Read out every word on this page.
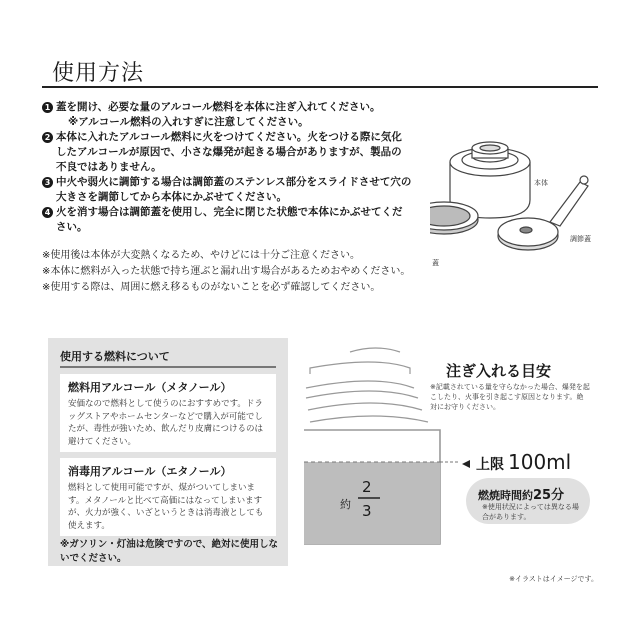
使用方法
1 蓋を開け、必要な量のアルコール燃料を本体に注ぎ入れてください。
※アルコール燃料の入れすぎに注意してください。
2 本体に入れたアルコール燃料に火をつけてください。火をつける際に気化したアルコールが原因で、小さな爆発が起きる場合がありますが、製品の不良ではありません。
3 中火や弱火に調節する場合は調節蓋のステンレス部分をスライドさせて穴の大きさを調節してから本体にかぶせてください。
4 火を消す場合は調節蓋を使用し、完全に閉じた状態で本体にかぶせてください。
※使用後は本体が大変熱くなるため、やけどには十分ご注意ください。
※本体に燃料が入った状態で持ち運ぶと漏れ出す場合があるためおやめください。
※使用する際は、周囲に燃え移るものがないことを必ず確認してください。
本体
蓋
調節蓋
使用する燃料について
燃料用アルコール（メタノール）
安価なので燃料として使うのにおすすめです。ドラッグストアやホームセンターなどで購入が可能でしたが、毒性が強いため、飲んだり皮膚につけるのは避けてください。
消毒用アルコール（エタノール）
燃料として使用可能ですが、煤がついてしまいます。メタノールと比べて高価にはなってしまいますが、火力が強く、いざというときは消毒液としても使えます。
※ガソリン・灯油は危険ですので、絶対に使用しないでください。
注ぎ入れる目安
※記載されている量を守らなかった場合、爆発を起こしたり、火事を引き起こす原因となります。絶対にお守りください。
上限 100ml
約
2
3
燃焼時間約25分
※使用状況によっては異なる場合があります。
※イラストはイメージです。
